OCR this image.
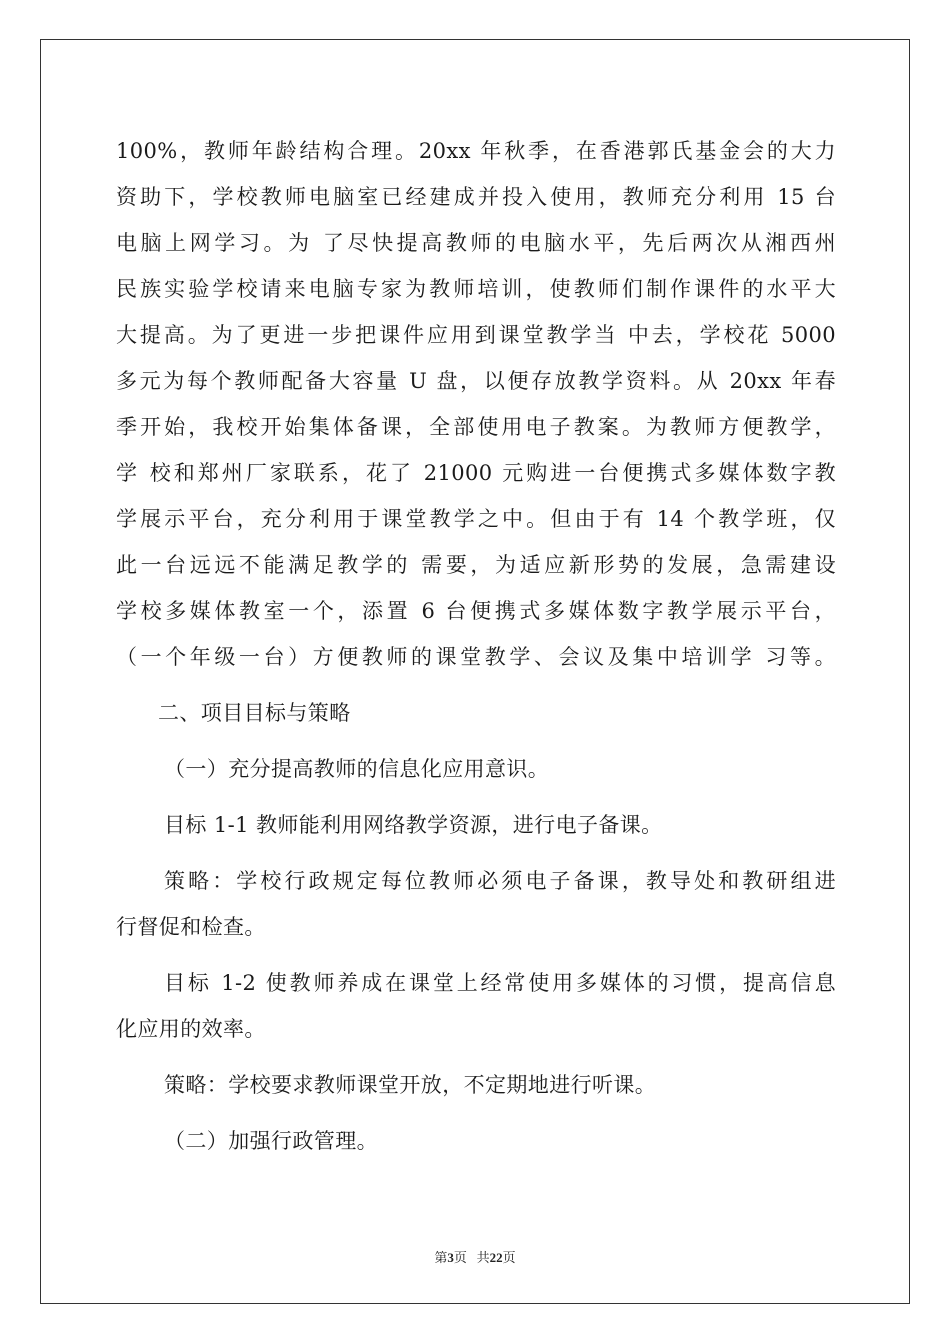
100%，教师年龄结构合理。20xx 年秋季，在香港郭氏基金会的大力
资助下，学校教师电脑室已经建成并投入使用，教师充分利用 15 台
电脑上网学习。为 了尽快提高教师的电脑水平，先后两次从湘西州
民族实验学校请来电脑专家为教师培训，使教师们制作课件的水平大
大提高。为了更进一步把课件应用到课堂教学当 中去，学校花 5000
多元为每个教师配备大容量 U 盘，以便存放教学资料。从 20xx 年春
季开始，我校开始集体备课，全部使用电子教案。为教师方便教学，
学 校和郑州厂家联系，花了 21000 元购进一台便携式多媒体数字教
学展示平台，充分利用于课堂教学之中。但由于有 14 个教学班，仅
此一台远远不能满足教学的 需要，为适应新形势的发展，急需建设
学校多媒体教室一个，添置 6 台便携式多媒体数字教学展示平台，
（一个年级一台）方便教师的课堂教学、会议及集中培训学 习等。
二、项目目标与策略
（一）充分提高教师的信息化应用意识。
目标 1-1 教师能利用网络教学资源，进行电子备课。
策略：学校行政规定每位教师必须电子备课，教导处和教研组进
行督促和检查。
目标 1-2 使教师养成在课堂上经常使用多媒体的习惯，提高信息
化应用的效率。
策略：学校要求教师课堂开放，不定期地进行听课。
（二）加强行政管理。
第3页   共22页
